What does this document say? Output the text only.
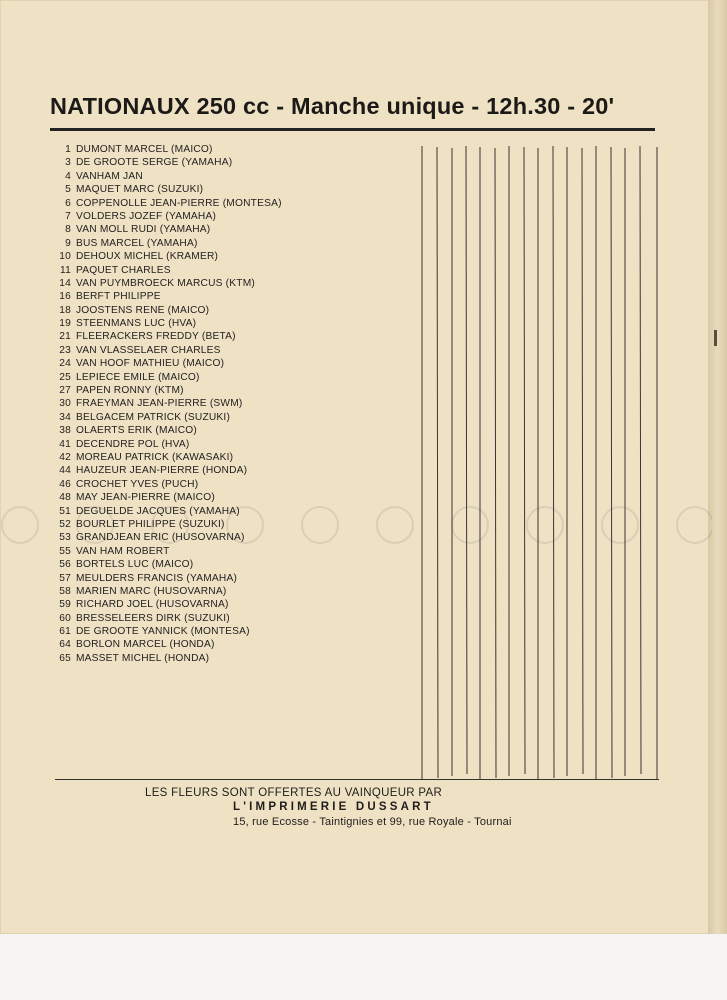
NATIONAUX 250 cc - Manche unique - 12h.30 - 20'
1 DUMONT MARCEL (MAICO)
3 DE GROOTE SERGE (YAMAHA)
4 VANHAM JAN
5 MAQUET MARC (SUZUKI)
6 COPPENOLLE JEAN-PIERRE (MONTESA)
7 VOLDERS JOZEF (YAMAHA)
8 VAN MOLL RUDI (YAMAHA)
9 BUS MARCEL (YAMAHA)
10 DEHOUX MICHEL (KRAMER)
11 PAQUET CHARLES
14 VAN PUYMBROECK MARCUS (KTM)
16 BERFT PHILIPPE
18 JOOSTENS RENE (MAICO)
19 STEENMANS LUC (HVA)
21 FLEERACKERS FREDDY (BETA)
23 VAN VLASSELAER CHARLES
24 VAN HOOF MATHIEU (MAICO)
25 LEPIECE EMILE (MAICO)
27 PAPEN RONNY (KTM)
30 FRAEYMAN JEAN-PIERRE (SWM)
34 BELGACEM PATRICK (SUZUKI)
38 OLAERTS ERIK (MAICO)
41 DECENDRE POL (HVA)
42 MOREAU PATRICK (KAWASAKI)
44 HAUZEUR JEAN-PIERRE (HONDA)
46 CROCHET YVES (PUCH)
48 MAY JEAN-PIERRE (MAICO)
51 DEGUELDE JACQUES (YAMAHA)
52 BOURLET PHILIPPE (SUZUKI)
53 GRANDJEAN ERIC (HUSOVARNA)
55 VAN HAM ROBERT
56 BORTELS LUC (MAICO)
57 MEULDERS FRANCIS (YAMAHA)
58 MARIEN MARC (HUSOVARNA)
59 RICHARD JOEL (HUSOVARNA)
60 BRESSELEERS DIRK (SUZUKI)
61 DE GROOTE YANNICK (MONTESA)
64 BORLON MARCEL (HONDA)
65 MASSET MICHEL (HONDA)
LES FLEURS SONT OFFERTES AU VAINQUEUR PAR
L'IMPRIMERIE DUSSART
15, rue Ecosse - Taintignies et 99, rue Royale - Tournai
